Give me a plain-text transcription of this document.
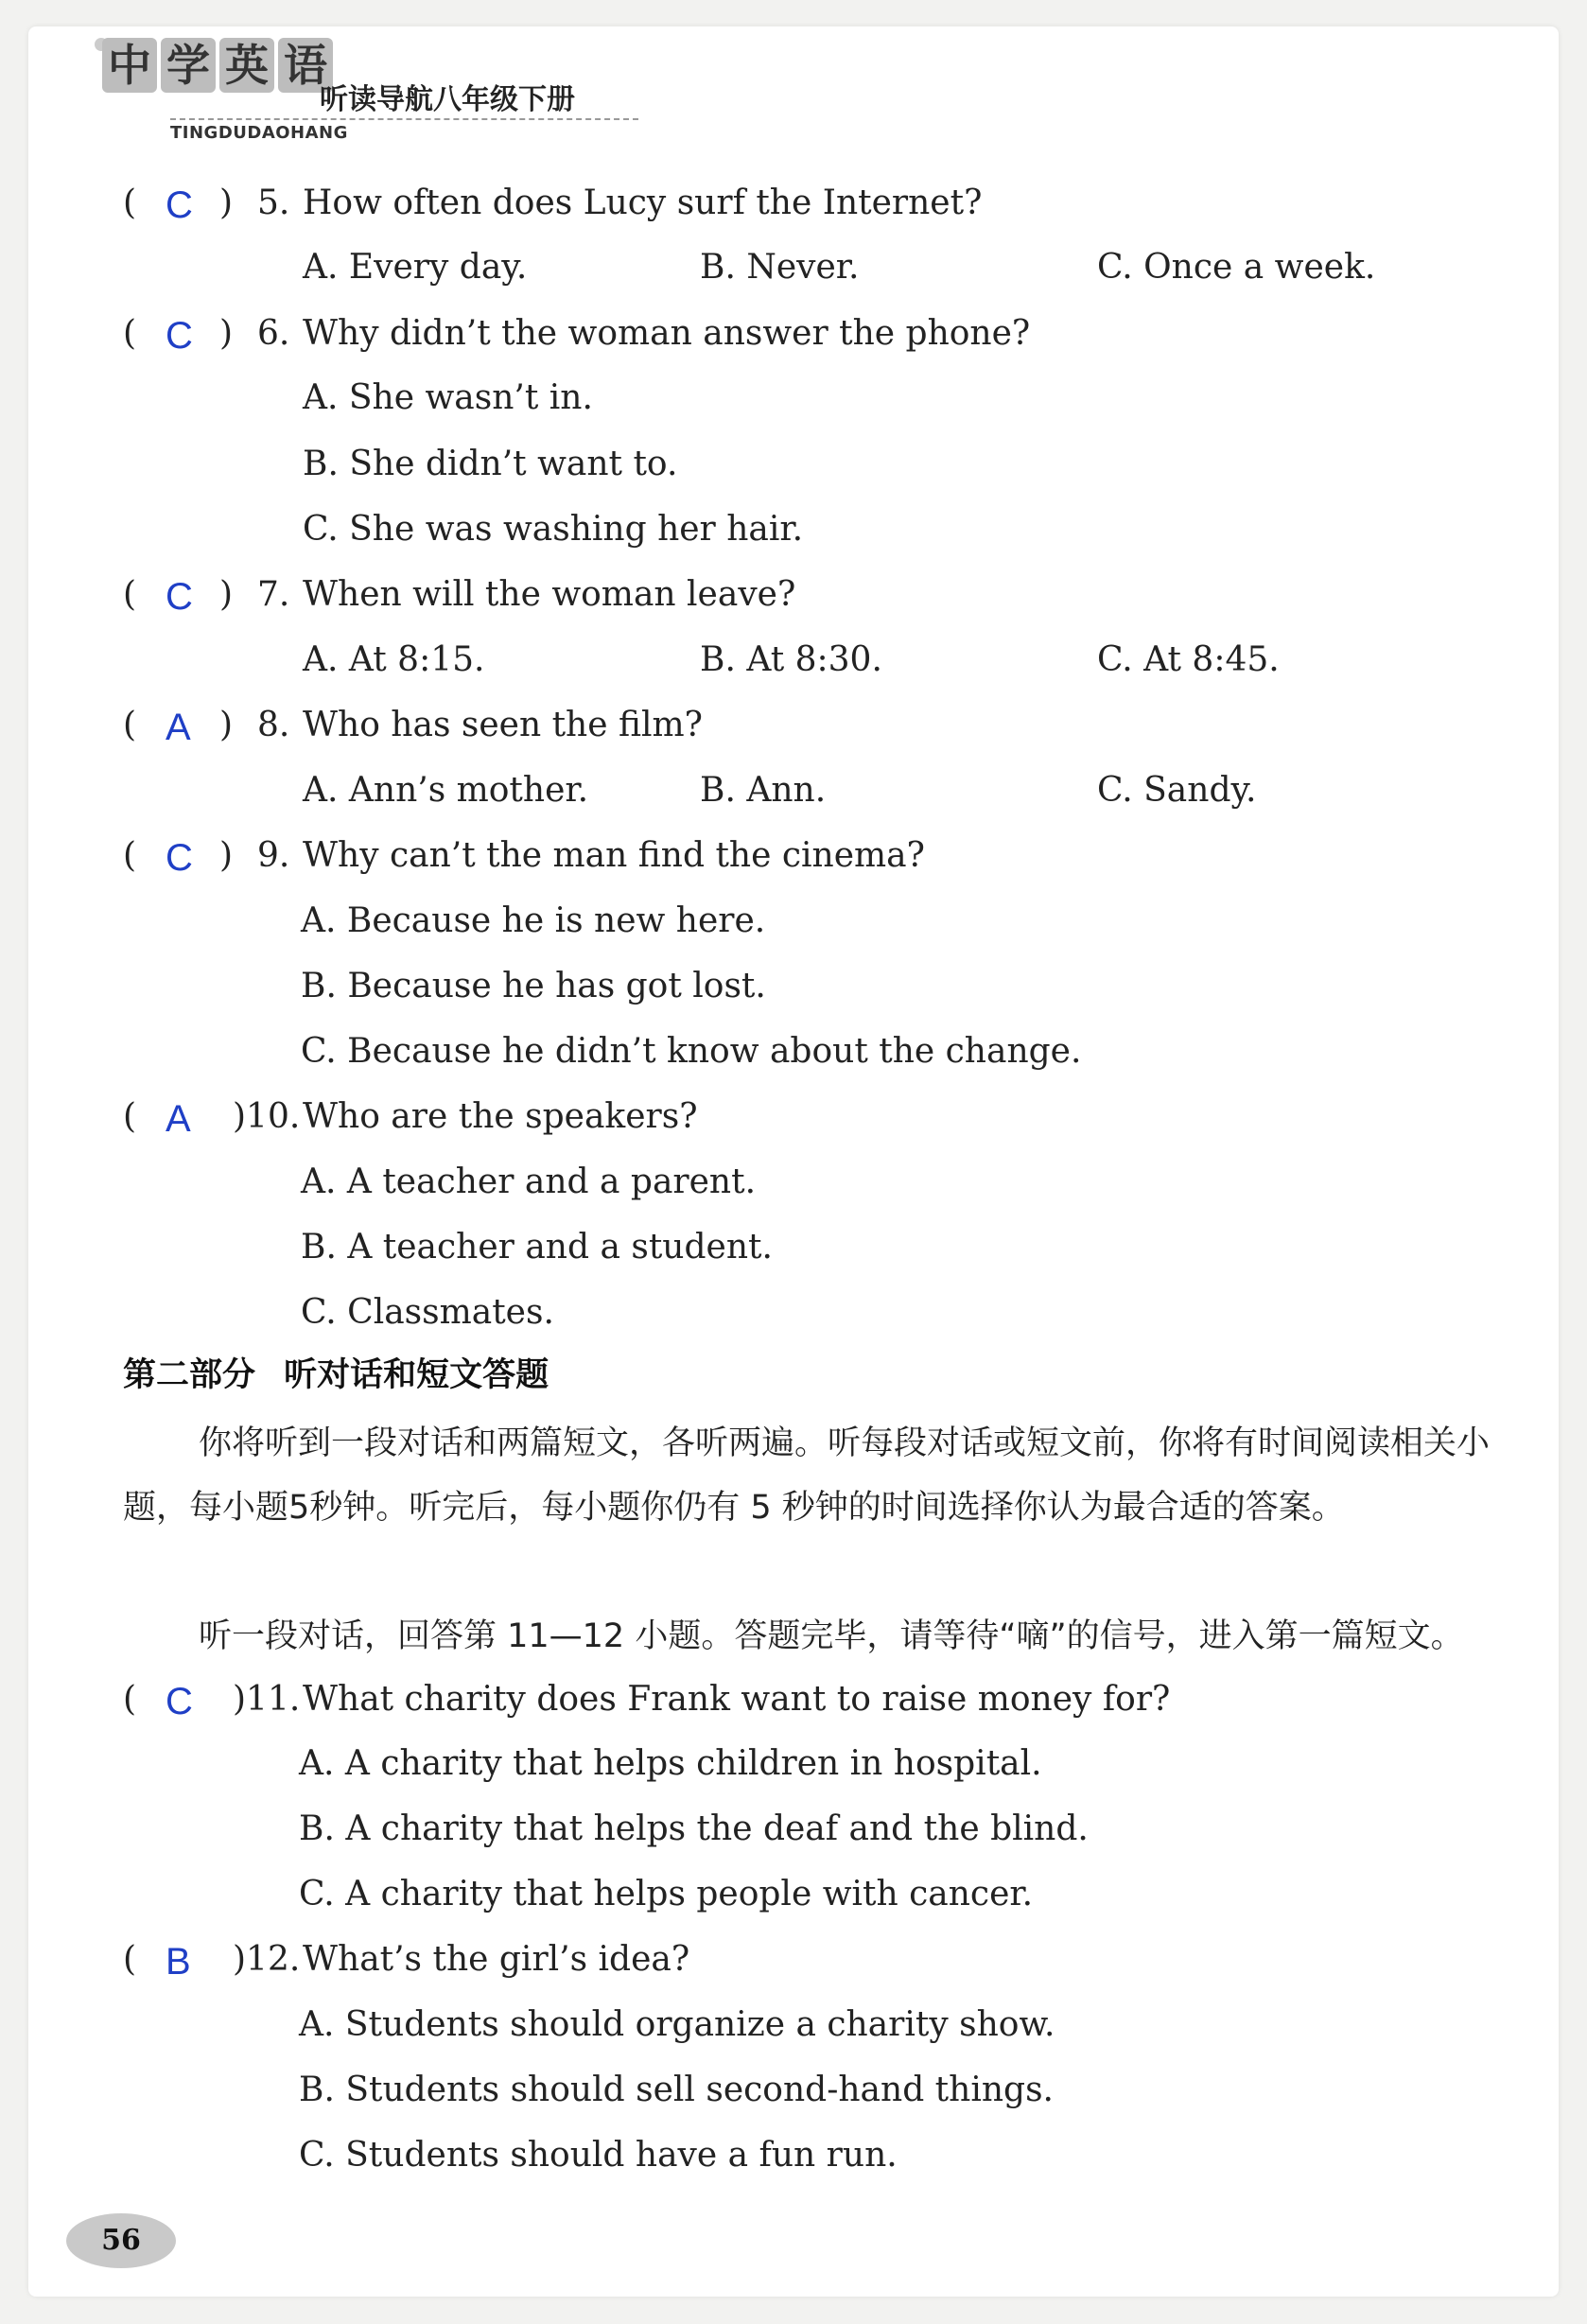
中 学 英 语
听读导航八年级下册
TINGDUDAOHANG
( C ) 5. How often does Lucy surf the Internet?
A. Every day.	B. Never.	C. Once a week.
( C ) 6. Why didn’t the woman answer the phone?
A. She wasn’t in.
B. She didn’t want to.
C. She was washing her hair.
( C ) 7. When will the woman leave?
A. At 8:15.	B. At 8:30.	C. At 8:45.
( A ) 8. Who has seen the film?
A. Ann’s mother.	B. Ann.	C. Sandy.
( C ) 9. Why can’t the man find the cinema?
A. Because he is new here.
B. Because he has got lost.
C. Because he didn’t know about the change.
( A )10. Who are the speakers?
A. A teacher and a parent.
B. A teacher and a student.
C. Classmates.
第二部分 听对话和短文答题
你将听到一段对话和两篇短文，各听两遍。听每段对话或短文前，你将有时间阅读相关小题，每小题5秒钟。听完后，每小题你仍有 5 秒钟的时间选择你认为最合适的答案。
听一段对话，回答第 11—12 小题。答题完毕，请等待“嘀”的信号，进入第一篇短文。
( C )11. What charity does Frank want to raise money for?
A. A charity that helps children in hospital.
B. A charity that helps the deaf and the blind.
C. A charity that helps people with cancer.
( B )12. What’s the girl’s idea?
A. Students should organize a charity show.
B. Students should sell second-hand things.
C. Students should have a fun run.
56
